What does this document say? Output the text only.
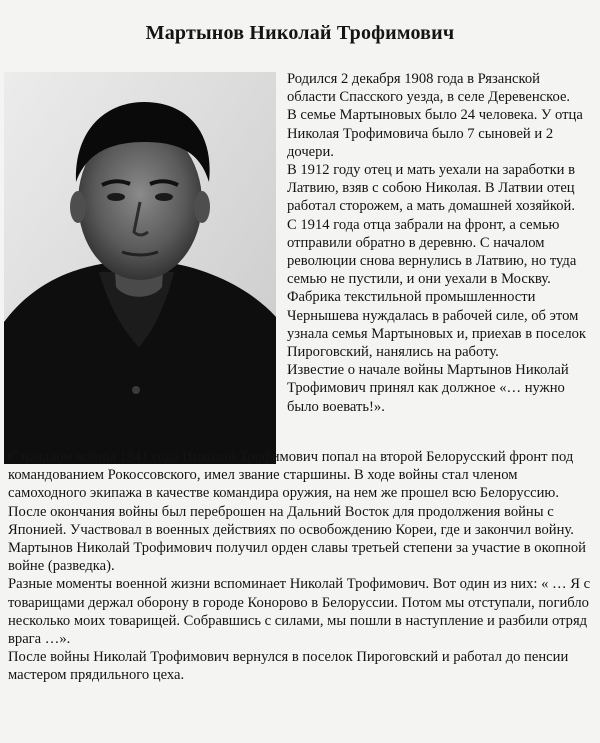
Мартынов Николай Трофимович

Родился 2 декабря 1908 года в Рязанской области Спасского уезда, в селе Деревенское.

В семье Мартыновых было 24 человека. У отца Николая Трофимовича было 7 сыновей и 2 дочери.

В 1912 году отец и мать уехали на заработки в Латвию, взяв с собою Николая. В Латвии отец работал сторожем, а мать домашней хозяйкой. С 1914 года отца забрали на фронт, а семью отправили обратно в деревню. С началом революции снова вернулись в Латвию, но туда семью не пустили, и они уехали в Москву. Фабрика текстильной промышленности Чернышева нуждалась в рабочей силе, об этом узнала семья Мартыновых и, приехав в поселок Пироговский, нанялись на работу.

Известие о начале войны Мартынов Николай Трофимович принял как должное «… нужно было воевать!».

С началом войны 1941 года Николай Трофимович попал на второй Белорусский фронт под командованием Рокоссовского, имел звание старшины. В ходе войны стал членом самоходного экипажа в качестве командира оружия, на нем же прошел всю Белоруссию. После окончания войны был переброшен на Дальний Восток для продолжения войны с Японией. Участвовал в военных действиях по освобождению Кореи, где и закончил войну.

Мартынов Николай Трофимович получил орден славы третьей степени за участие в окопной войне (разведка).

Разные моменты военной жизни вспоминает Николай Трофимович. Вот один из них: « … Я с товарищами держал оборону в городе Конорово в Белоруссии. Потом мы отступали, погибло несколько моих товарищей. Собравшись с силами, мы пошли в наступление и разбили отряд врага …».

После войны Николай Трофимович вернулся в поселок Пироговский и работал до пенсии мастером прядильного цеха.
